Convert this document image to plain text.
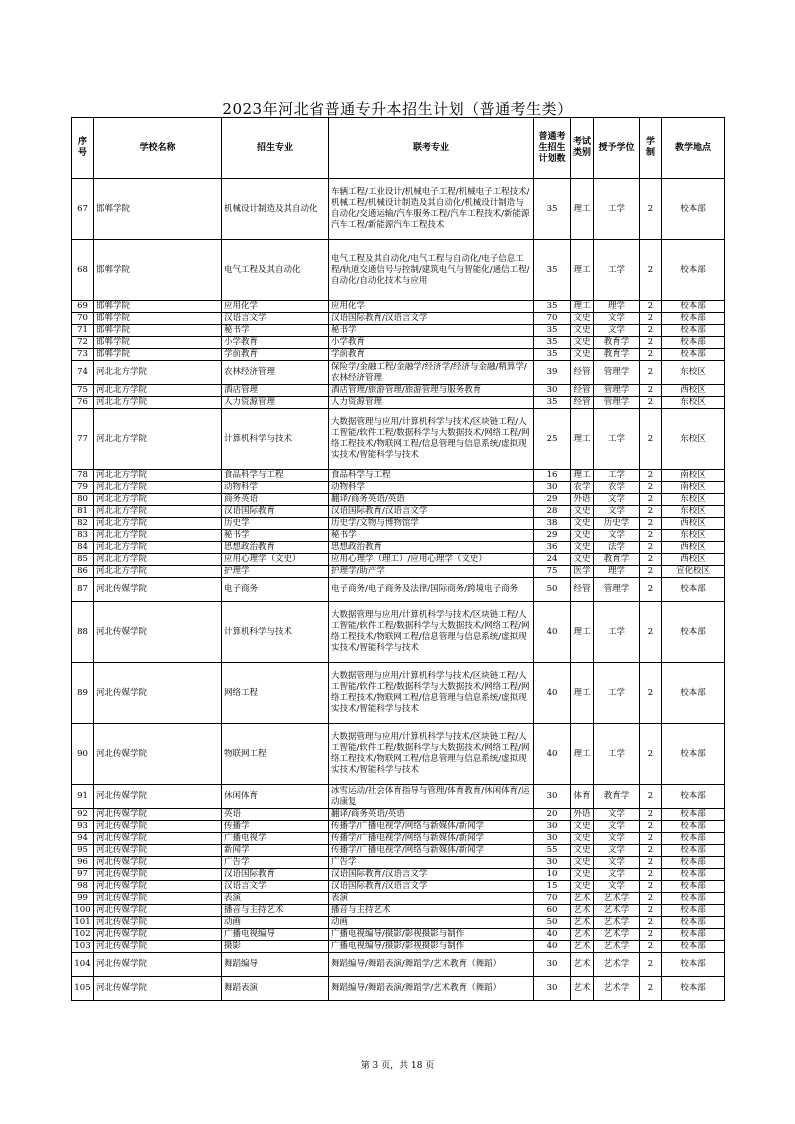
2023年河北省普通专升本招生计划（普通考生类）
序号	学校名称	招生专业	联考专业	普通考生招生计划数	考试类别	授予学位	学制	教学地点
67	邯郸学院	机械设计制造及其自动化	车辆工程/工业设计/机械电子工程/机械电子工程技术/机械工程/机械设计制造及其自动化/机械设计制造与自动化/交通运输/汽车服务工程/汽车工程技术/新能源汽车工程/新能源汽车工程技术	35	理工	工学	2	校本部
68	邯郸学院	电气工程及其自动化	电气工程及其自动化/电气工程与自动化/电子信息工程/轨道交通信号与控制/建筑电气与智能化/通信工程/自动化/自动化技术与应用	35	理工	工学	2	校本部
69	邯郸学院	应用化学	应用化学	35	理工	理学	2	校本部
70	邯郸学院	汉语言文学	汉语国际教育/汉语言文学	70	文史	文学	2	校本部
71	邯郸学院	秘书学	秘书学	35	文史	文学	2	校本部
72	邯郸学院	小学教育	小学教育	35	文史	教育学	2	校本部
73	邯郸学院	学前教育	学前教育	35	文史	教育学	2	校本部
74	河北北方学院	农林经济管理	保险学/金融工程/金融学/经济学/经济与金融/精算学/农林经济管理	39	经管	管理学	2	东校区
75	河北北方学院	酒店管理	酒店管理/旅游管理/旅游管理与服务教育	30	经管	管理学	2	西校区
76	河北北方学院	人力资源管理	人力资源管理	35	经管	管理学	2	东校区
77	河北北方学院	计算机科学与技术	大数据管理与应用/计算机科学与技术/区块链工程/人工智能/软件工程/数据科学与大数据技术/网络工程/网络工程技术/物联网工程/信息管理与信息系统/虚拟现实技术/智能科学与技术	25	理工	工学	2	东校区
78	河北北方学院	食品科学与工程	食品科学与工程	16	理工	工学	2	南校区
79	河北北方学院	动物科学	动物科学	30	农学	农学	2	南校区
80	河北北方学院	商务英语	翻译/商务英语/英语	29	外语	文学	2	东校区
81	河北北方学院	汉语国际教育	汉语国际教育/汉语言文学	28	文史	文学	2	东校区
82	河北北方学院	历史学	历史学/文物与博物馆学	38	文史	历史学	2	西校区
83	河北北方学院	秘书学	秘书学	29	文史	文学	2	东校区
84	河北北方学院	思想政治教育	思想政治教育	36	文史	法学	2	西校区
85	河北北方学院	应用心理学（文史）	应用心理学（理工）/应用心理学（文史）	24	文史	教育学	2	西校区
86	河北北方学院	护理学	护理学/助产学	75	医学	理学	2	宣化校区
87	河北传媒学院	电子商务	电子商务/电子商务及法律/国际商务/跨境电子商务	50	经管	管理学	2	校本部
88	河北传媒学院	计算机科学与技术	大数据管理与应用/计算机科学与技术/区块链工程/人工智能/软件工程/数据科学与大数据技术/网络工程/网络工程技术/物联网工程/信息管理与信息系统/虚拟现实技术/智能科学与技术	40	理工	工学	2	校本部
89	河北传媒学院	网络工程	大数据管理与应用/计算机科学与技术/区块链工程/人工智能/软件工程/数据科学与大数据技术/网络工程/网络工程技术/物联网工程/信息管理与信息系统/虚拟现实技术/智能科学与技术	40	理工	工学	2	校本部
90	河北传媒学院	物联网工程	大数据管理与应用/计算机科学与技术/区块链工程/人工智能/软件工程/数据科学与大数据技术/网络工程/网络工程技术/物联网工程/信息管理与信息系统/虚拟现实技术/智能科学与技术	40	理工	工学	2	校本部
91	河北传媒学院	休闲体育	冰雪运动/社会体育指导与管理/体育教育/休闲体育/运动康复	30	体育	教育学	2	校本部
92	河北传媒学院	英语	翻译/商务英语/英语	20	外语	文学	2	校本部
93	河北传媒学院	传播学	传播学/广播电视学/网络与新媒体/新闻学	30	文史	文学	2	校本部
94	河北传媒学院	广播电视学	传播学/广播电视学/网络与新媒体/新闻学	30	文史	文学	2	校本部
95	河北传媒学院	新闻学	传播学/广播电视学/网络与新媒体/新闻学	55	文史	文学	2	校本部
96	河北传媒学院	广告学	广告学	30	文史	文学	2	校本部
97	河北传媒学院	汉语国际教育	汉语国际教育/汉语言文学	10	文史	文学	2	校本部
98	河北传媒学院	汉语言文学	汉语国际教育/汉语言文学	15	文史	文学	2	校本部
99	河北传媒学院	表演	表演	70	艺术	艺术学	2	校本部
100	河北传媒学院	播音与主持艺术	播音与主持艺术	60	艺术	艺术学	2	校本部
101	河北传媒学院	动画	动画	50	艺术	艺术学	2	校本部
102	河北传媒学院	广播电视编导	广播电视编导/摄影/影视摄影与制作	40	艺术	艺术学	2	校本部
103	河北传媒学院	摄影	广播电视编导/摄影/影视摄影与制作	40	艺术	艺术学	2	校本部
104	河北传媒学院	舞蹈编导	舞蹈编导/舞蹈表演/舞蹈学/艺术教育（舞蹈）	30	艺术	艺术学	2	校本部
105	河北传媒学院	舞蹈表演	舞蹈编导/舞蹈表演/舞蹈学/艺术教育（舞蹈）	30	艺术	艺术学	2	校本部
第 3 页，共 18 页
